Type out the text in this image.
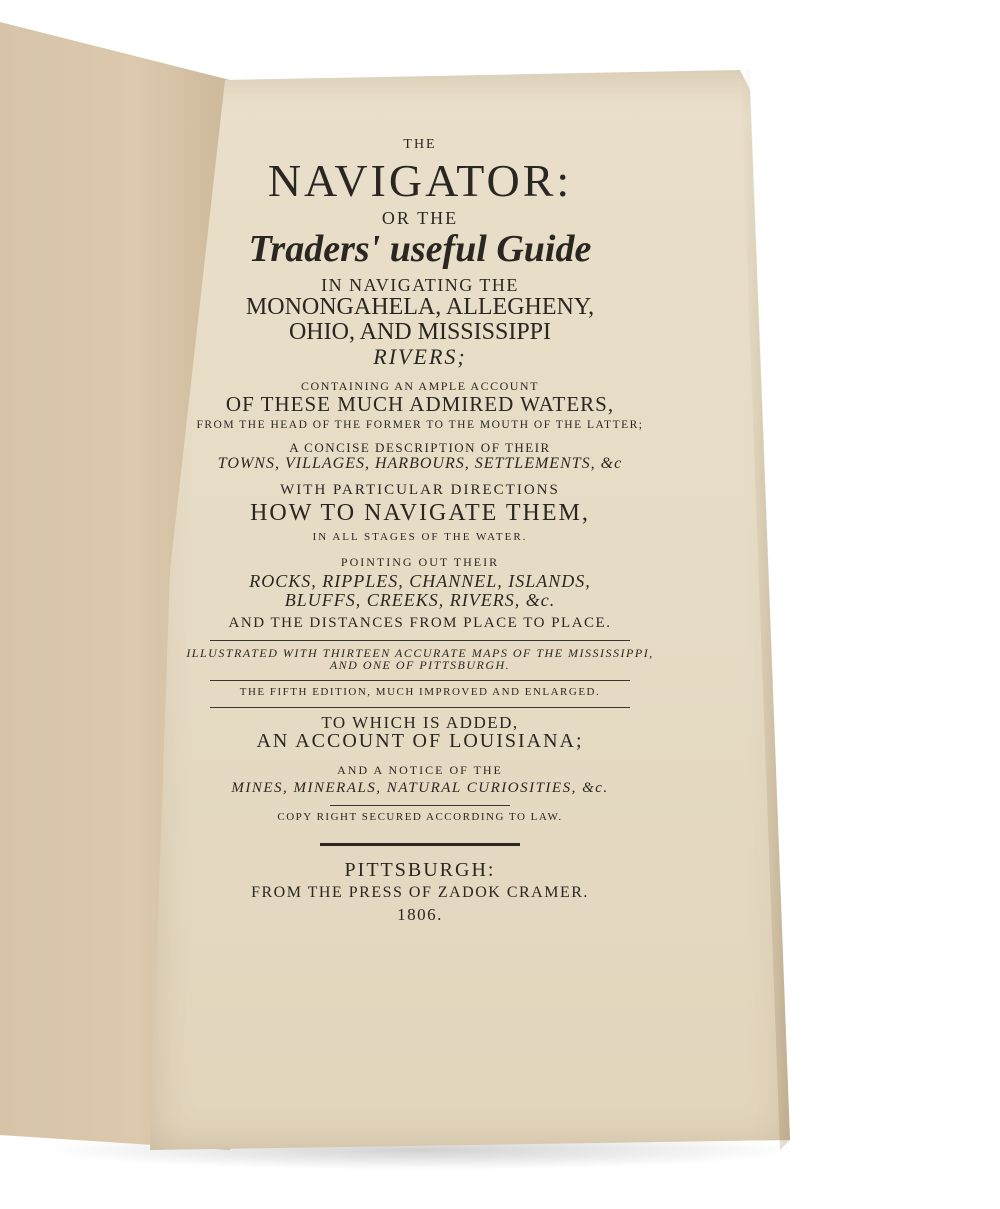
THE
NAVIGATOR:
OR THE
Traders' useful Guide
IN NAVIGATING THE
MONONGAHELA, ALLEGHENY,
OHIO, AND MISSISSIPPI
RIVERS;
CONTAINING AN AMPLE ACCOUNT
OF THESE MUCH ADMIRED WATERS,
FROM THE HEAD OF THE FORMER TO THE MOUTH OF THE LATTER;
A CONCISE DESCRIPTION OF THEIR
TOWNS, VILLAGES, HARBOURS, SETTLEMENTS, &c
WITH PARTICULAR DIRECTIONS
HOW TO NAVIGATE THEM,
IN ALL STAGES OF THE WATER.
POINTING OUT THEIR
ROCKS, RIPPLES, CHANNEL, ISLANDS,
BLUFFS, CREEKS, RIVERS, &c.
AND THE DISTANCES FROM PLACE TO PLACE.
ILLUSTRATED WITH THIRTEEN ACCURATE MAPS OF THE MISSISSIPPI, AND ONE OF PITTSBURGH.
THE FIFTH EDITION, MUCH IMPROVED AND ENLARGED.
TO WHICH IS ADDED,
AN ACCOUNT OF LOUISIANA;
AND A NOTICE OF THE
MINES, MINERALS, NATURAL CURIOSITIES, &c.
COPY RIGHT SECURED ACCORDING TO LAW.
PITTSBURGH:
FROM THE PRESS OF ZADOK CRAMER.
1806.
